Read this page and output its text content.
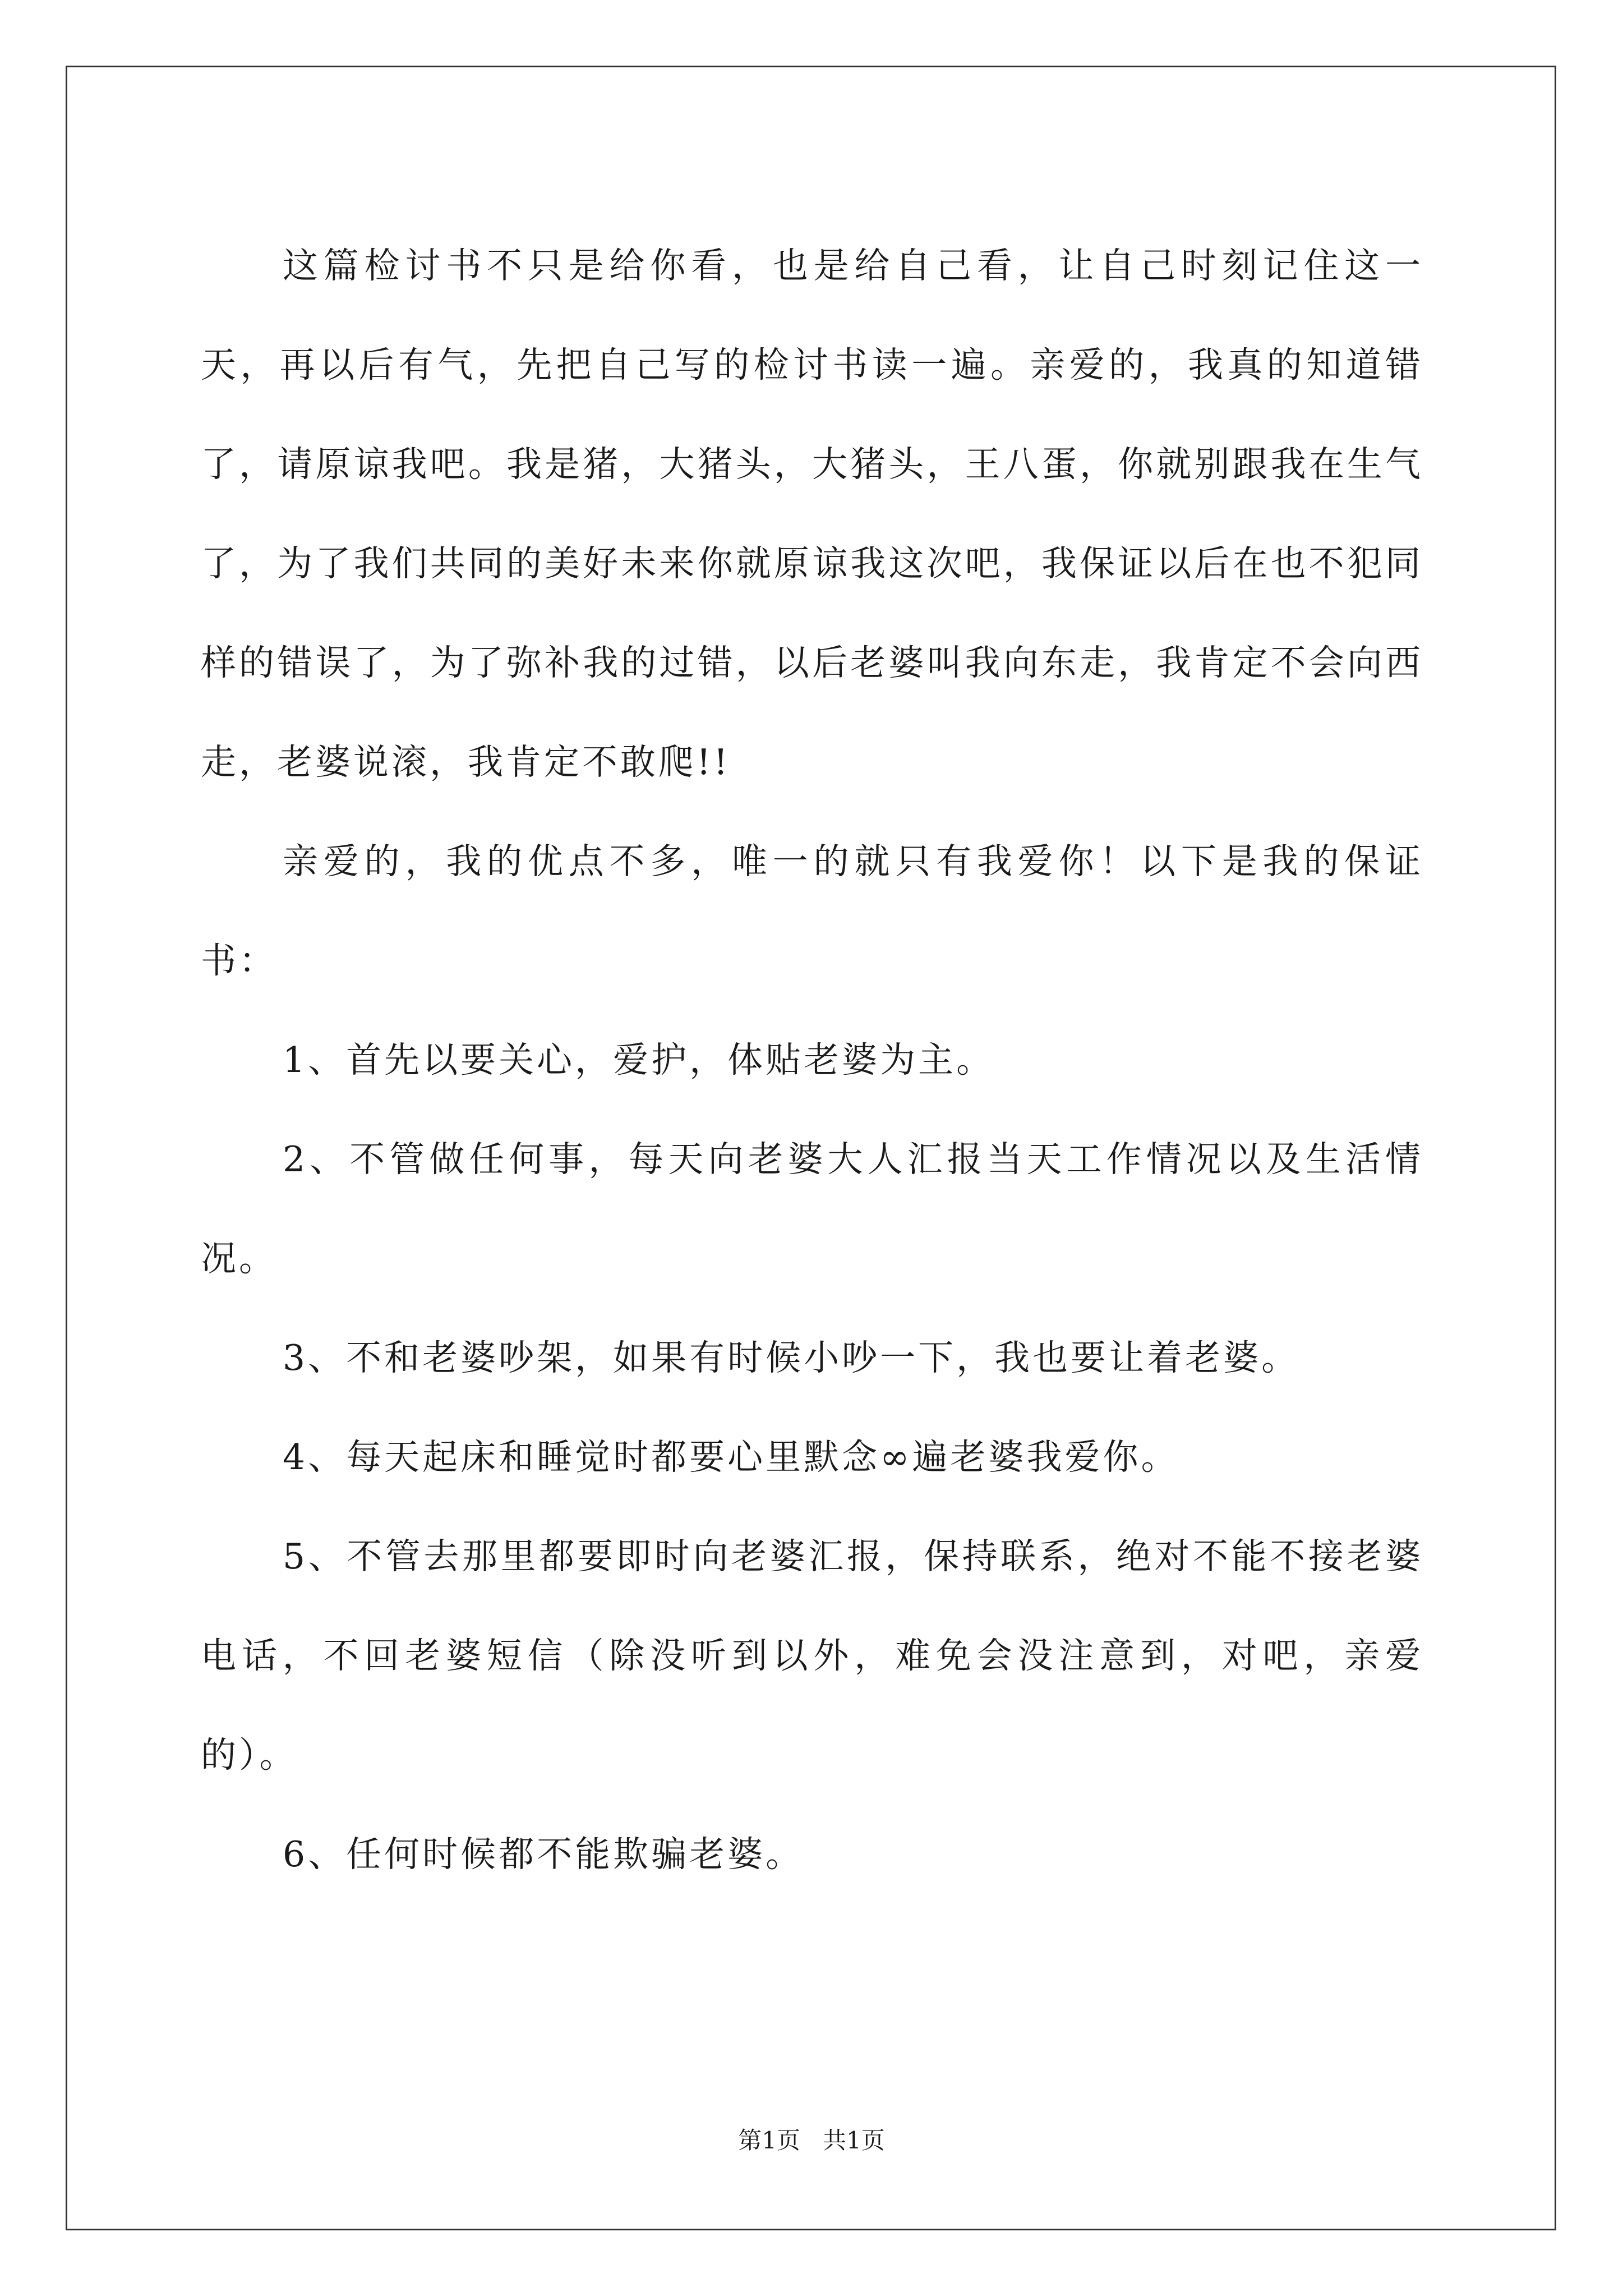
这篇检讨书不只是给你看，也是给自己看，让自己时刻记住这一天，再以后有气，先把自己写的检讨书读一遍。亲爱的，我真的知道错了，请原谅我吧。我是猪，大猪头，大猪头，王八蛋，你就别跟我在生气了，为了我们共同的美好未来你就原谅我这次吧，我保证以后在也不犯同样的错误了，为了弥补我的过错，以后老婆叫我向东走，我肯定不会向西走，老婆说滚，我肯定不敢爬!!

亲爱的，我的优点不多，唯一的就只有我爱你！以下是我的保证书：

1、首先以要关心，爱护，体贴老婆为主。

2、不管做任何事，每天向老婆大人汇报当天工作情况以及生活情况。

3、不和老婆吵架，如果有时候小吵一下，我也要让着老婆。

4、每天起床和睡觉时都要心里默念∞遍老婆我爱你。

5、不管去那里都要即时向老婆汇报，保持联系，绝对不能不接老婆电话，不回老婆短信（除没听到以外，难免会没注意到，对吧，亲爱的）。

6、任何时候都不能欺骗老婆。

第1页   共1页
